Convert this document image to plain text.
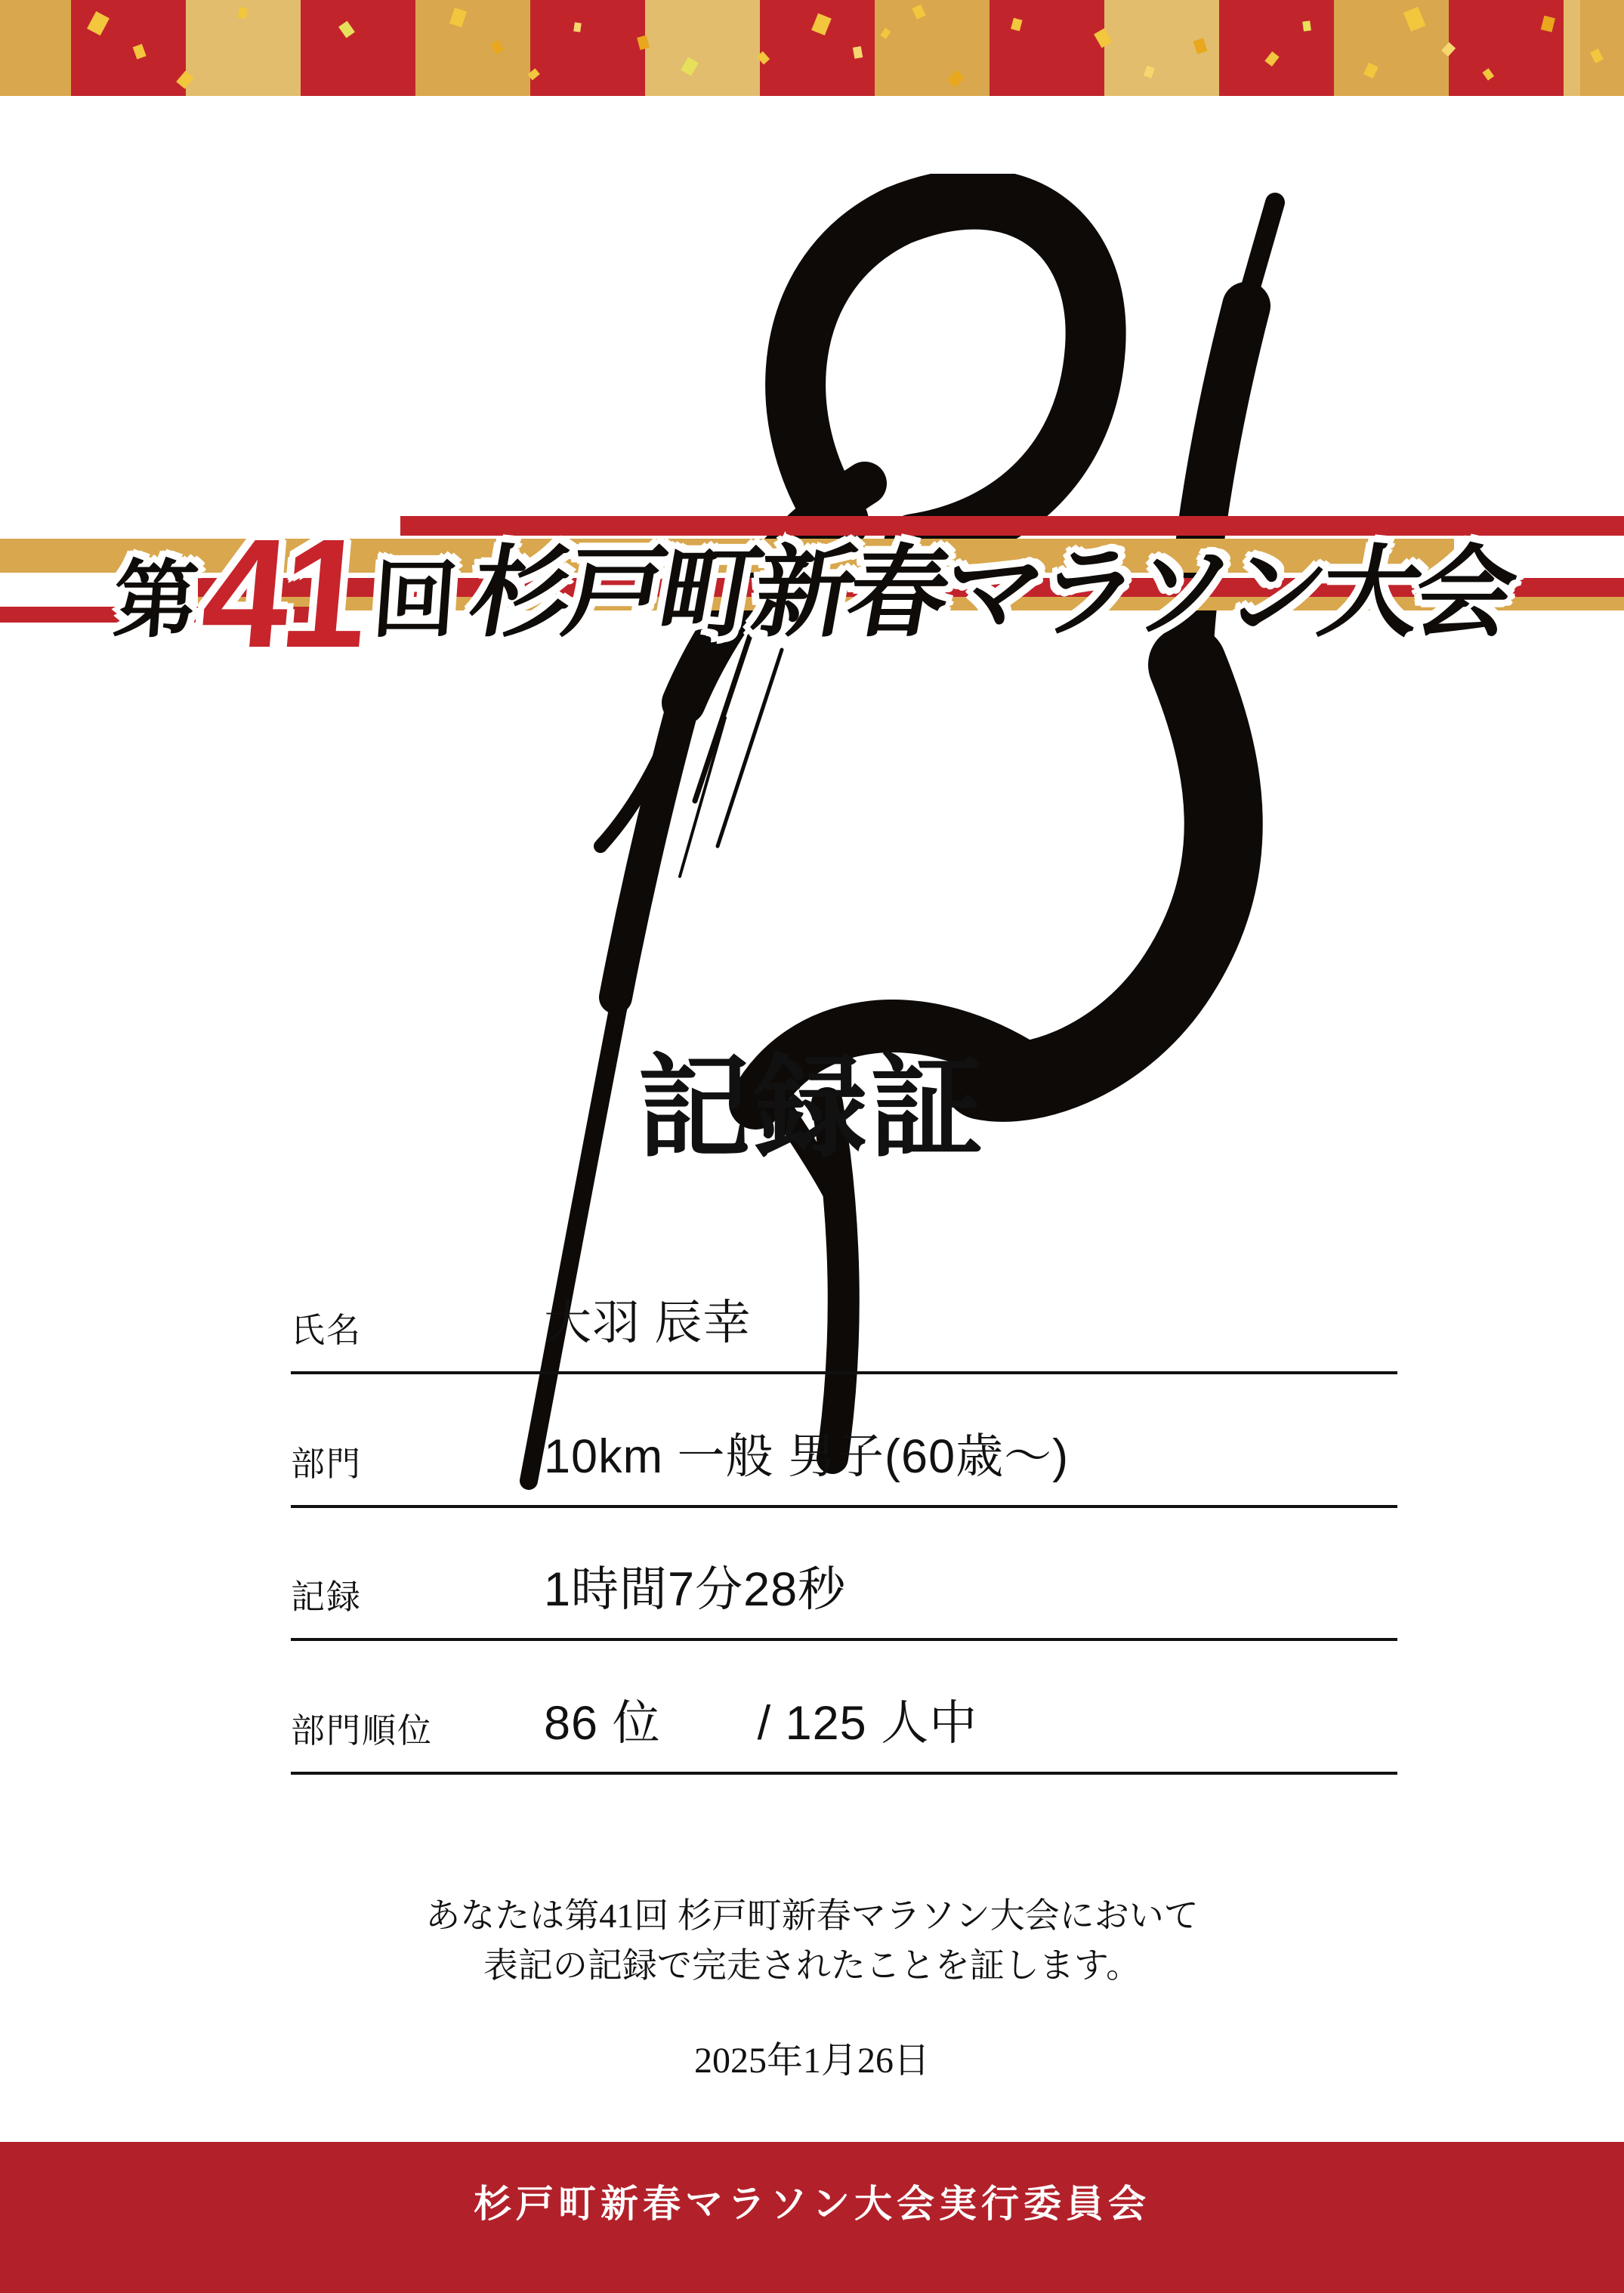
第
41 回 杉戸町新春マラソン大会
記録証
氏名	大羽 辰幸
部門	10km 一般 男子(60歳～)
記録	1時間7分28秒
部門順位	86 位　　/ 125 人中
あなたは第41回 杉戸町新春マラソン大会において
表記の記録で完走されたことを証します。
2025年1月26日
杉戸町新春マラソン大会実行委員会
